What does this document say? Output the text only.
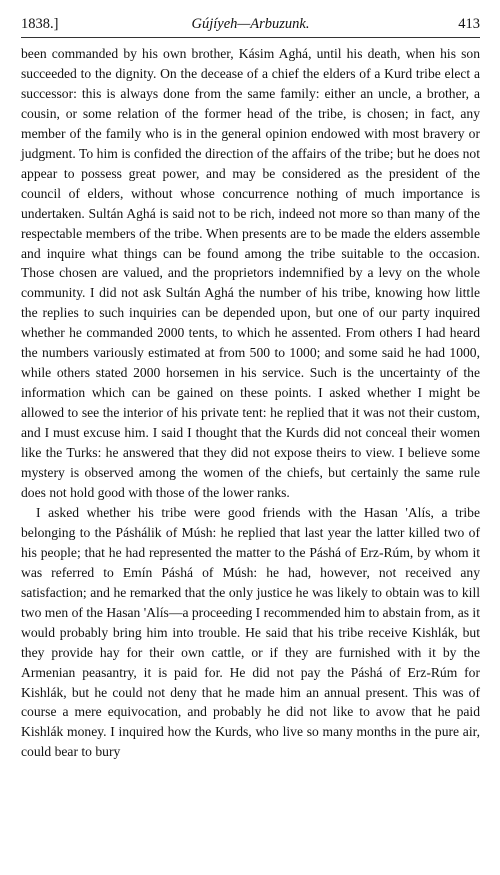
1838.]	Gújíyeh—Arbuzunk.	413

been commanded by his own brother, Kásim Aghá, until his death, when his son succeeded to the dignity. On the decease of a chief the elders of a Kurd tribe elect a successor: this is always done from the same family: either an uncle, a brother, a cousin, or some relation of the former head of the tribe, is chosen; in fact, any member of the family who is in the general opinion endowed with most bravery or judgment. To him is confided the direction of the affairs of the tribe; but he does not appear to possess great power, and may be considered as the president of the council of elders, without whose concurrence nothing of much importance is undertaken. Sultán Aghá is said not to be rich, indeed not more so than many of the respectable members of the tribe. When presents are to be made the elders assemble and inquire what things can be found among the tribe suitable to the occasion. Those chosen are valued, and the proprietors indemnified by a levy on the whole community. I did not ask Sultán Aghá the number of his tribe, knowing how little the replies to such inquiries can be depended upon, but one of our party inquired whether he commanded 2000 tents, to which he assented. From others I had heard the numbers variously estimated at from 500 to 1000; and some said he had 1000, while others stated 2000 horsemen in his service. Such is the uncertainty of the information which can be gained on these points. I asked whether I might be allowed to see the interior of his private tent: he replied that it was not their custom, and I must excuse him. I said I thought that the Kurds did not conceal their women like the Turks: he answered that they did not expose theirs to view. I believe some mystery is observed among the women of the chiefs, but certainly the same rule does not hold good with those of the lower ranks.

I asked whether his tribe were good friends with the Hasan 'Alís, a tribe belonging to the Páshálik of Músh: he replied that last year the latter killed two of his people; that he had represented the matter to the Páshá of Erz-Rúm, by whom it was referred to Emín Páshá of Músh: he had, however, not received any satisfaction; and he remarked that the only justice he was likely to obtain was to kill two men of the Hasan 'Alís—a proceeding I recommended him to abstain from, as it would probably bring him into trouble. He said that his tribe receive Kishlák, but they provide hay for their own cattle, or if they are furnished with it by the Armenian peasantry, it is paid for. He did not pay the Páshá of Erz-Rúm for Kishlák, but he could not deny that he made him an annual present. This was of course a mere equivocation, and probably he did not like to avow that he paid Kishlák money. I inquired how the Kurds, who live so many months in the pure air, could bear to bury
